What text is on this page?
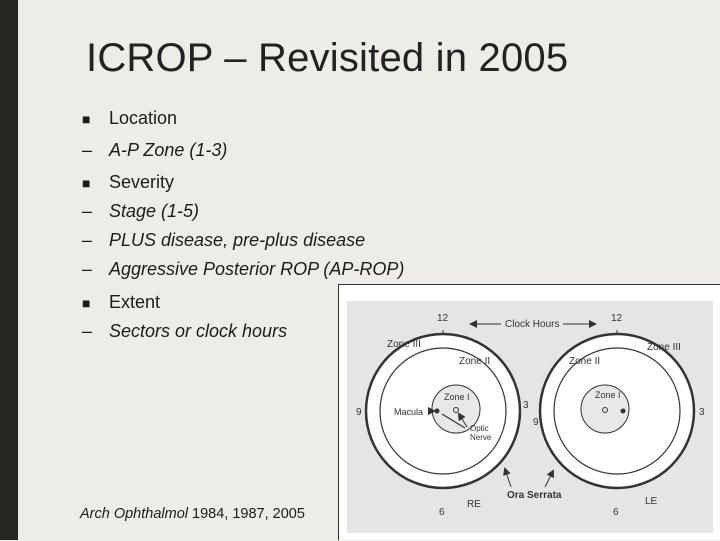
ICROP – Revisited in 2005
■	Location
– A-P Zone (1-3)
■	Severity
– Stage (1-5)
– PLUS disease, pre-plus disease
– Aggressive Posterior ROP (AP-ROP)
■	Extent
– Sectors or clock hours
Arch Ophthalmol 1984, 1987, 2005
Zone III
Zone II
Zone I
Macula
Optic
Nerve
12
3
6
9
RE
Zone III
Zone II
Zone I
12
3
6
9
LE
Clock Hours
Ora Serrata
